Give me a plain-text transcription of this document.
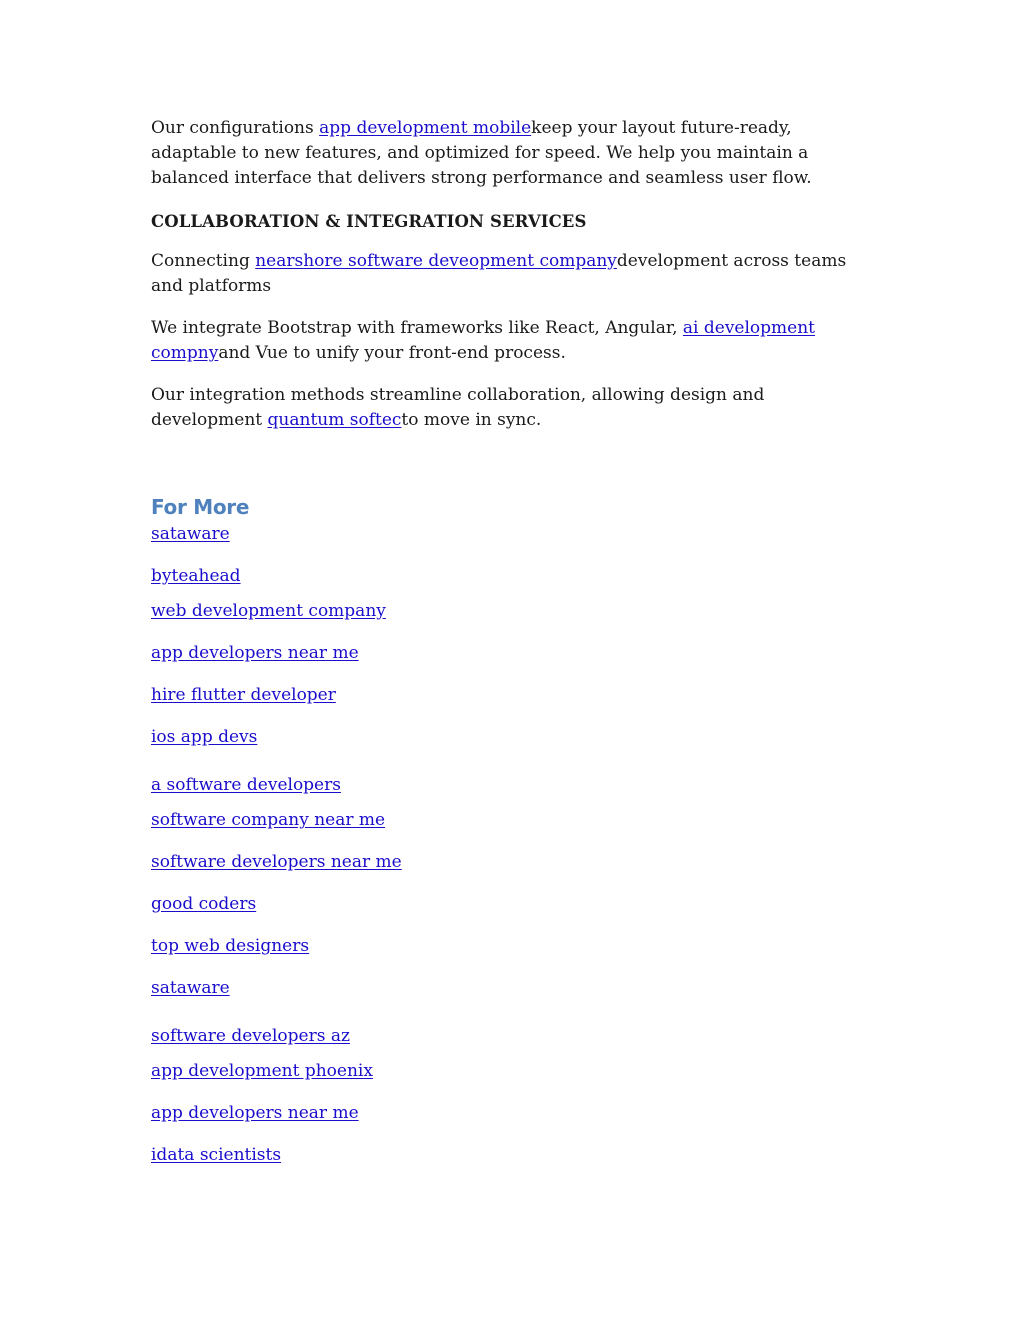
Our configurations app development mobilekeep your layout future-ready, adaptable to new features, and optimized for speed. We help you maintain a balanced interface that delivers strong performance and seamless user flow.

COLLABORATION & INTEGRATION SERVICES

Connecting nearshore software deveopment companydevelopment across teams and platforms

We integrate Bootstrap with frameworks like React, Angular, ai development compnyand Vue to unify your front-end process.

Our integration methods streamline collaboration, allowing design and development quantum softecto move in sync.

For More
sataware
byteahead
web development company
app developers near me
hire flutter developer
ios app devs
a software developers
software company near me
software developers near me
good coders
top web designers
sataware
software developers az
app development phoenix
app developers near me
idata scientists
